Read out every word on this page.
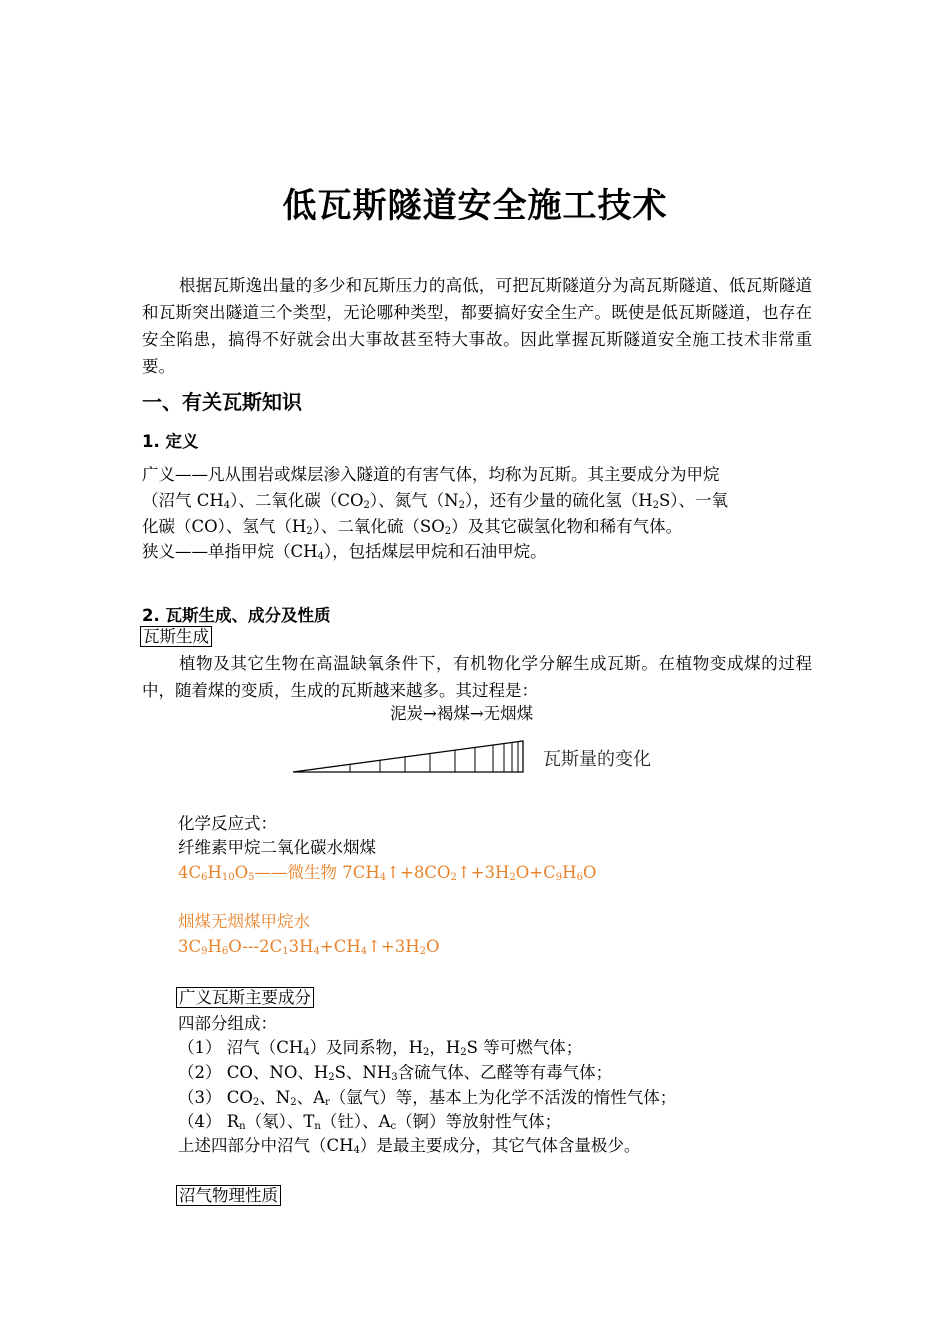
低瓦斯隧道安全施工技术
根据瓦斯逸出量的多少和瓦斯压力的高低，可把瓦斯隧道分为高瓦斯隧道、低瓦斯隧道和瓦斯突出隧道三个类型，无论哪种类型，都要搞好安全生产。既使是低瓦斯隧道，也存在安全陷患，搞得不好就会出大事故甚至特大事故。因此掌握瓦斯隧道安全施工技术非常重要。
一、有关瓦斯知识
1. 定义
广义——凡从围岩或煤层渗入隧道的有害气体，均称为瓦斯。其主要成分为甲烷
（沼气 $CH_4$）、二氧化碳$(CO_2)$、氮气$(N_2)$，还有少量的硫化氢$(H_2S)$、一氧
化碳（CO）、氢气$(H_2)$、二氧化硫$(SO_2)$及其它碳氢化物和稀有气体。
狭义——单指甲烷$(CH_4)$，包括煤层甲烷和石油甲烷。
2. 瓦斯生成、成分及性质
瓦斯生成
植物及其它生物在高温缺氧条件下，有机物化学分解生成瓦斯。在植物变成煤的过程中，随着煤的变质，生成的瓦斯越来越多。其过程是：
泥炭→褐煤→无烟煤
瓦斯量的变化
化学反应式：
纤维素甲烷二氧化碳水烟煤
$4C_6H_{10}O_5——$微生物 $7CH_4↑+8CO_2↑+3H_2O+C_9H_6O$
烟煤无烟煤甲烷水
$3C_9H_6O---2C_13H_4+CH_4↑+3H_2O$
广义瓦斯主要成分
四部分组成：
（1） 沼气$(CH_4)$及同系物，$H_2$，$H_2S$ 等可燃气体；
（2） CO、NO、$H_2S$、$NH_3$含硫气体、乙醛等有毒气体；
（3） $CO_2$、$N_2$、$A_r$（氩气）等，基本上为化学不活泼的惰性气体；
（4） $R_n$（氡）、$T_n$（钍）、$A_c$（锕）等放射性气体；
上述四部分中沼气$(CH_4)$是最主要成分，其它气体含量极少。
沼气物理性质
